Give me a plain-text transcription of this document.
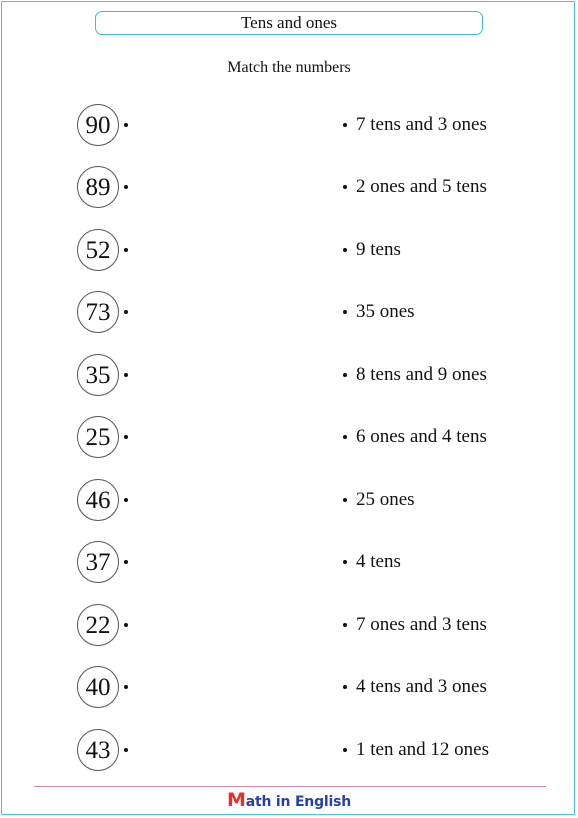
Tens and ones
Match the numbers
90	7 tens and 3 ones
89	2 ones and 5 tens
52	9 tens
73	35 ones
35	8 tens and 9 ones
25	6 ones and 4 tens
46	25 ones
37	4 tens
22	7 ones and 3 tens
40	4 tens and 3 ones
43	1 ten and 12 ones
Math in English
